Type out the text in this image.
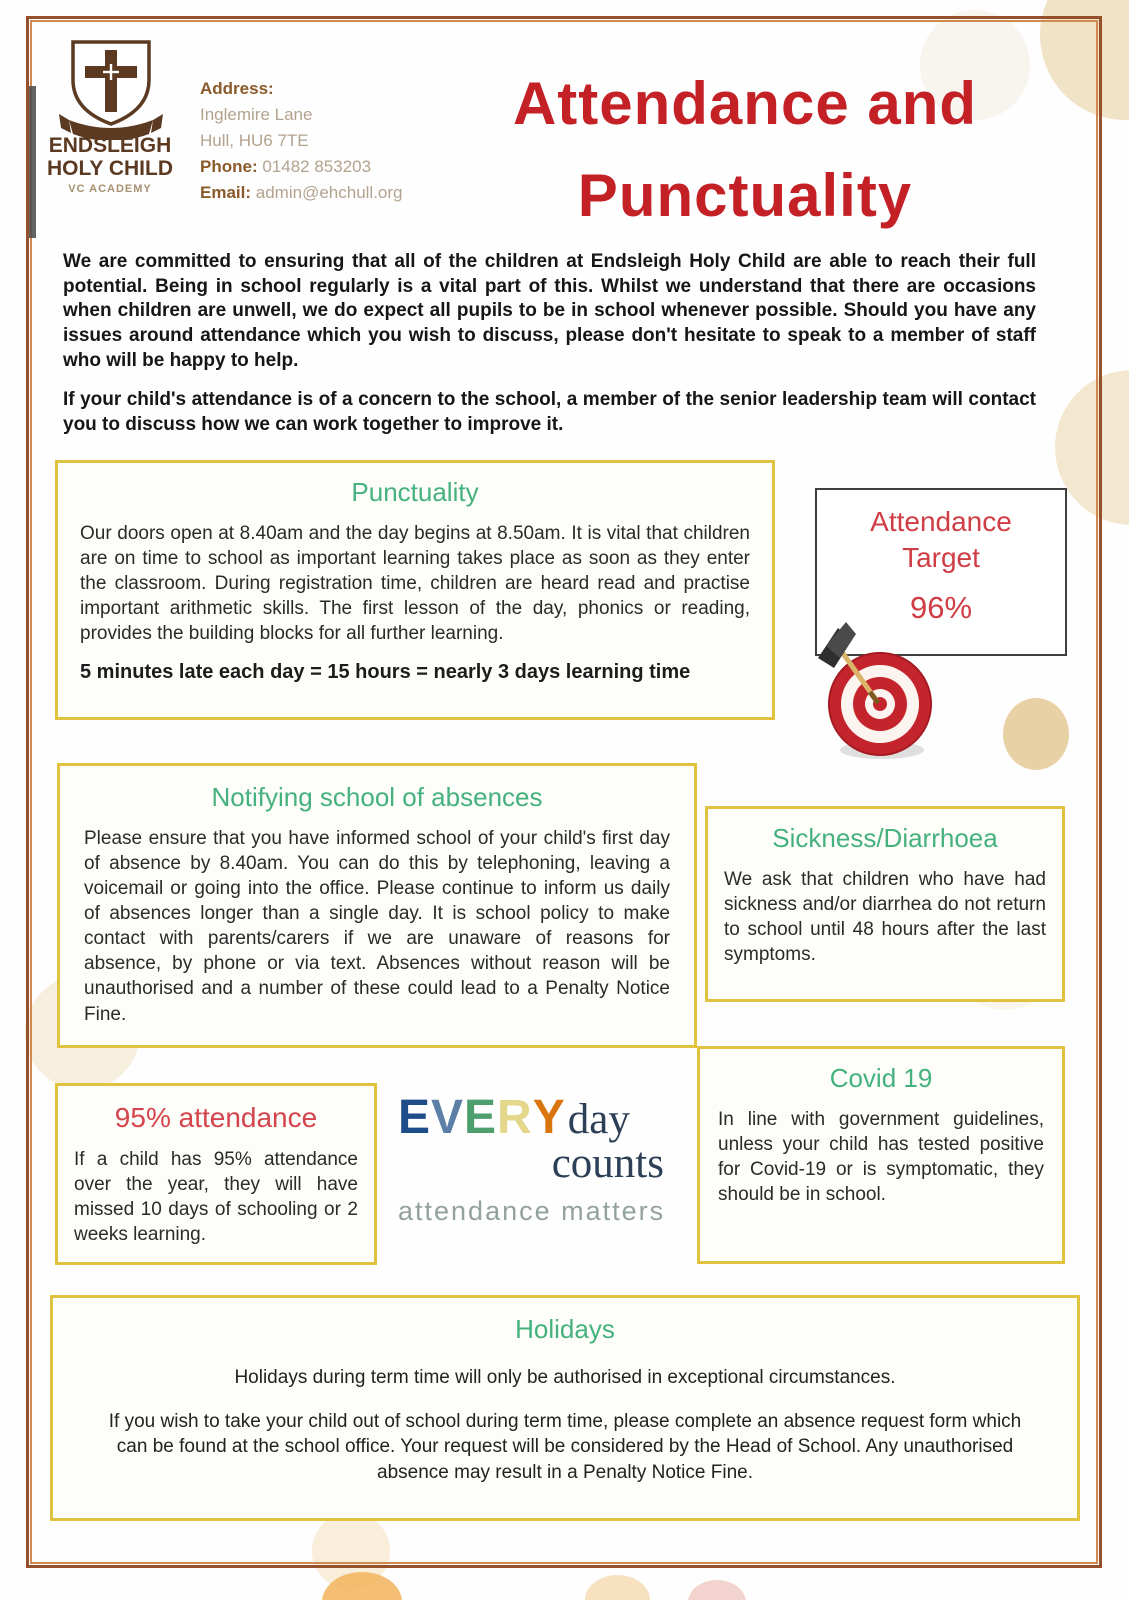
ENDSLEIGH
HOLY CHILD
VC ACADEMY
Address:
Inglemire Lane
Hull, HU6 7TE
Phone: 01482 853203
Email: admin@ehchull.org
Attendance and
Punctuality

We are committed to ensuring that all of the children at Endsleigh Holy Child are able to reach their full potential. Being in school regularly is a vital part of this. Whilst we understand that there are occasions when children are unwell, we do expect all pupils to be in school whenever possible. Should you have any issues around attendance which you wish to discuss, please don't hesitate to speak to a member of staff who will be happy to help.

If your child's attendance is of a concern to the school, a member of the senior leadership team will contact you to discuss how we can work together to improve it.

Punctuality
Our doors open at 8.40am and the day begins at 8.50am. It is vital that children are on time to school as important learning takes place as soon as they enter the classroom. During registration time, children are heard read and practise important arithmetic skills. The first lesson of the day, phonics or reading, provides the building blocks for all further learning.
5 minutes late each day = 15 hours = nearly 3 days learning time
Attendance
Target
96%
Notifying school of absences
Please ensure that you have informed school of your child's first day of absence by 8.40am. You can do this by telephoning, leaving a voicemail or going into the office. Please continue to inform us daily of absences longer than a single day. It is school policy to make contact with parents/carers if we are unaware of reasons for absence, by phone or via text. Absences without reason will be unauthorised and a number of these could lead to a Penalty Notice Fine.
Sickness/Diarrhoea
We ask that children who have had sickness and/or diarrhea do not return to school until 48 hours after the last symptoms.
Covid 19
In line with government guidelines, unless your child has tested positive for Covid-19 or is symptomatic, they should be in school.
95% attendance
If a child has 95% attendance over the year, they will have missed 10 days of schooling or 2 weeks learning.
E V E R Y day
counts
attendance matters
Holidays
Holidays during term time will only be authorised in exceptional circumstances.
If you wish to take your child out of school during term time, please complete an absence request form which can be found at the school office. Your request will be considered by the Head of School. Any unauthorised absence may result in a Penalty Notice Fine.
